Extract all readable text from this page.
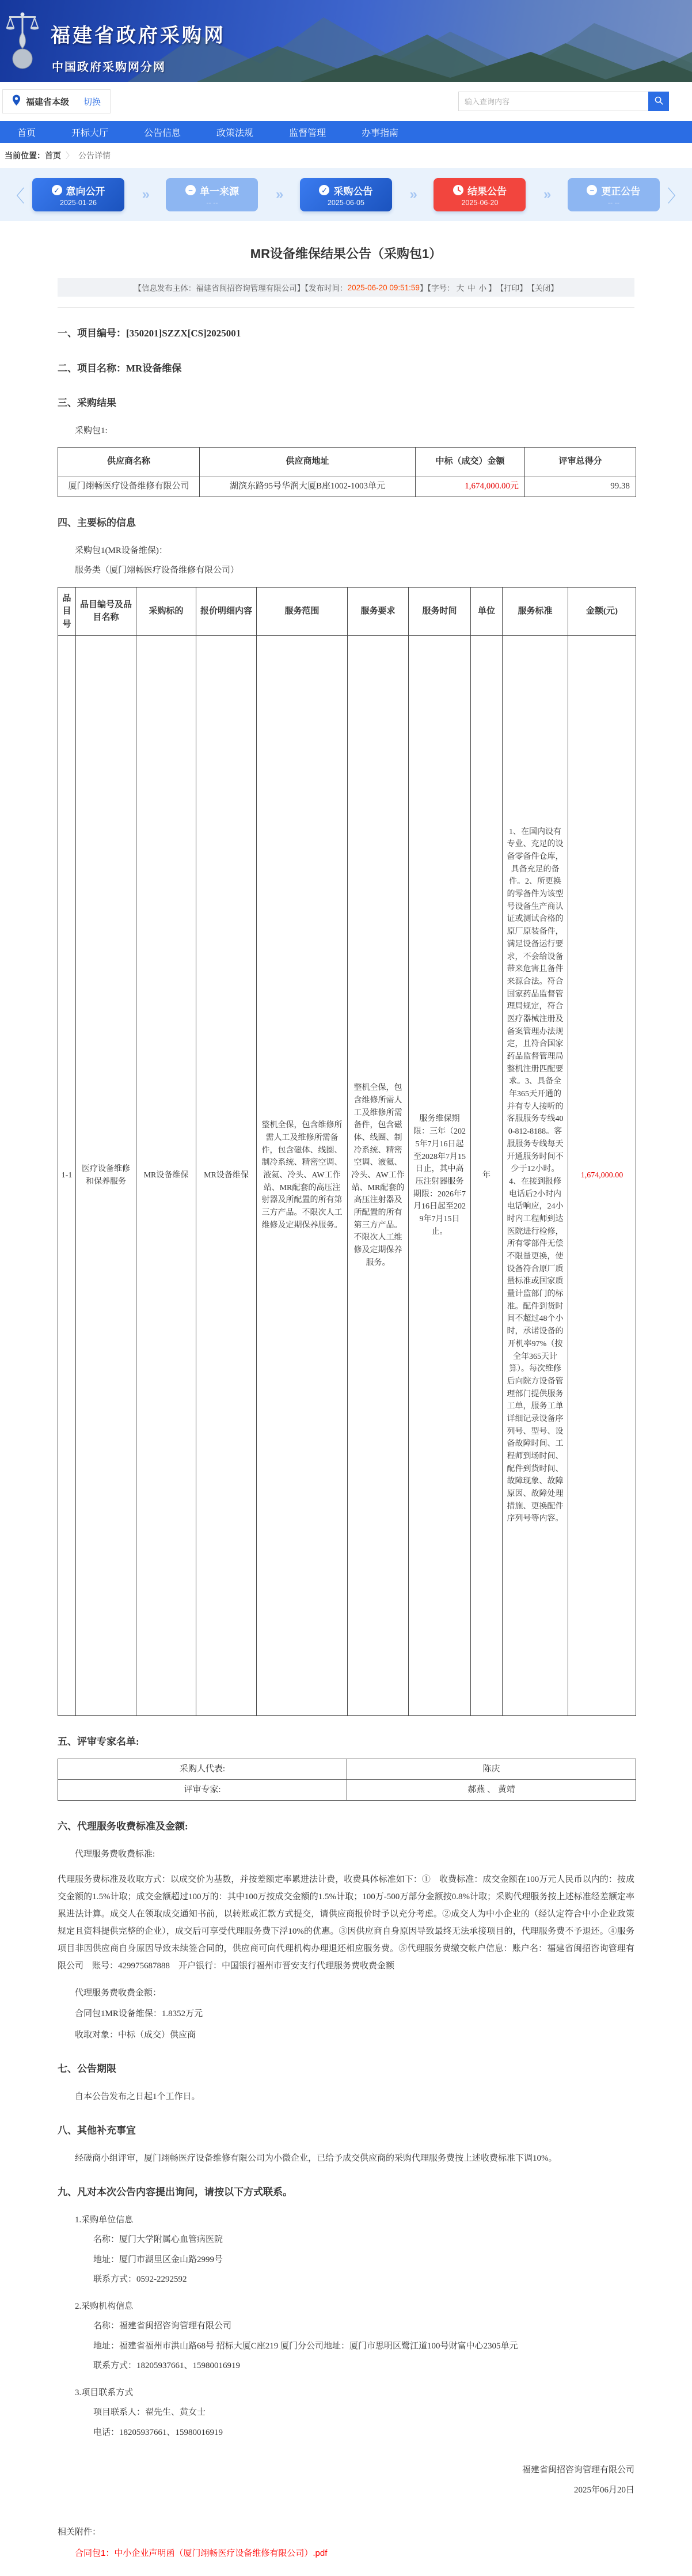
福建省政府采购网
中国政府采购网分网
福建省本级 切换
输入查询内容
首页	开标大厅	公告信息	政策法规	监督管理	办事指南
当前位置： 首页 〉 公告详情
〈	✓ 意向公开
2025-01-26
»	− 单一来源
-- --
»	✓ 采购公告
2025-06-05
»	结果公告
2025-06-20
»	− 更正公告
-- --	〉
MR设备维保结果公告（采购包1）
【信息发布主体：福建省闽招咨询管理有限公司】【发布时间： 2025-06-20 09:51:59 】【字号： 大 中 小 】 【打印】 【关闭】
一、项目编号：[350201]SZZX[CS]2025001
二、项目名称：MR设备维保
三、采购结果
采购包1:
供应商名称	供应商地址	中标（成交）金额	评审总得分
厦门翊畅医疗设备维修有限公司	湖滨东路95号华润大厦B座1002-1003单元	1,674,000.00元	99.38
四、主要标的信息
采购包1(MR设备维保)：
服务类（厦门翊畅医疗设备维修有限公司）
品目号	品目编号及品目名称	采购标的	报价明细内容	服务范围	服务要求	服务时间	单位	服务标准	金额(元)
1-1	医疗设备维修和保养服务	MR设备维保	MR设备维保	整机全保，包含维修所需人工及维修所需备件，包含磁体、线圈、制冷系统、精密空调、液氦、冷头、AW工作站、MR配套的高压注射器及所配置的所有第三方产品。不限次人工维修及定期保养服务。	整机全保，包含维修所需人工及维修所需备件，包含磁体、线圈、制冷系统、精密空调、液氦、冷头、AW工作站、MR配套的高压注射器及所配置的所有第三方产品。不限次人工维修及定期保养服务。	服务维保期限：三年（2025年7月16日起至2028年7月15日止，其中高压注射器服务期限：2026年7月16日起至2029年7月15日止。	年	1、在国内设有专业、充足的设备零备件仓库，具备充足的备件。2、所更换的零备件为该型号设备生产商认证或测试合格的原厂原装备件，满足设备运行要求，不会给设备带来危害且备件来源合法。符合国家药品监督管理局规定，符合医疗器械注册及备案管理办法规定，且符合国家药品监督管理局整机注册匹配要求。3、具备全年365天开通的并有专人接听的客服服务专线400-812-8188。客服服务专线每天开通服务时间不少于12小时。4、在接到报修电话后2小时内电话响应，24小时内工程师到达医院进行检修，所有零部件无偿不限量更换，使设备符合原厂质量标准或国家质量计监部门的标准。配件到货时间不超过48个小时，承诺设备的开机率97%（按全年365天计算）。每次维修后向院方设备管理部门提供服务工单，服务工单详细记录设备序列号、型号、设备故障时间、工程师到场时间、配件到货时间、故障现象、故障原因、故障处理措施、更换配件序列号等内容。	1,674,000.00
五、评审专家名单:
采购人代表:	陈庆
评审专家:	郝燕 、 黄靖
六、代理服务收费标准及金额:
代理服务费收费标准:
代理服务费标准及收取方式：以成交价为基数，并按差额定率累进法计费，收费具体标准如下：①　收费标准：成交金额在100万元人民币以内的：按成交金额的1.5%计取；成交金额超过100万的：其中100万按成交金额的1.5%计取；100万-500万部分金额按0.8%计取；采购代理服务按上述标准经差额定率累进法计算。成交人在领取成交通知书前，以转账或汇款方式提交，请供应商报价时予以充分考虑。②成交人为中小企业的（经认定符合中小企业政策规定且资料提供完整的企业），成交后可享受代理服务费下浮10%的优惠。③因供应商自身原因导致最终无法承接项目的，代理服务费不予退还。④服务项目非因供应商自身原因导致未续签合同的，供应商可向代理机构办理退还相应服务费。⑤代理服务费缴交帐户信息：账户名：福建省闽招咨询管理有限公司　账号：429975687888　开户银行：中国银行福州市晋安支行代理服务费收费金额
代理服务费收费金额：
合同包1MR设备维保：1.8352万元
收取对象：中标（成交）供应商
七、公告期限
自本公告发布之日起1个工作日。
八、其他补充事宜
经磋商小组评审，厦门翊畅医疗设备维修有限公司为小微企业，已给予成交供应商的采购代理服务费按上述收费标准下调10%。
九、凡对本次公告内容提出询问，请按以下方式联系。
1.采购单位信息
名称：厦门大学附属心血管病医院
地址：厦门市湖里区金山路2999号
联系方式：0592-2292592
2.采购机构信息
名称：福建省闽招咨询管理有限公司
地址：福建省福州市洪山路68号 招标大厦C座219 厦门分公司地址：厦门市思明区鹭江道100号财富中心2305单元
联系方式：18205937661、15980016919
3.项目联系方式
项目联系人：翟先生、黄女士
电话：18205937661、15980016919
福建省闽招咨询管理有限公司
2025年06月20日
相关附件：
合同包1：中小企业声明函（厦门翊畅医疗设备维修有限公司）.pdf
